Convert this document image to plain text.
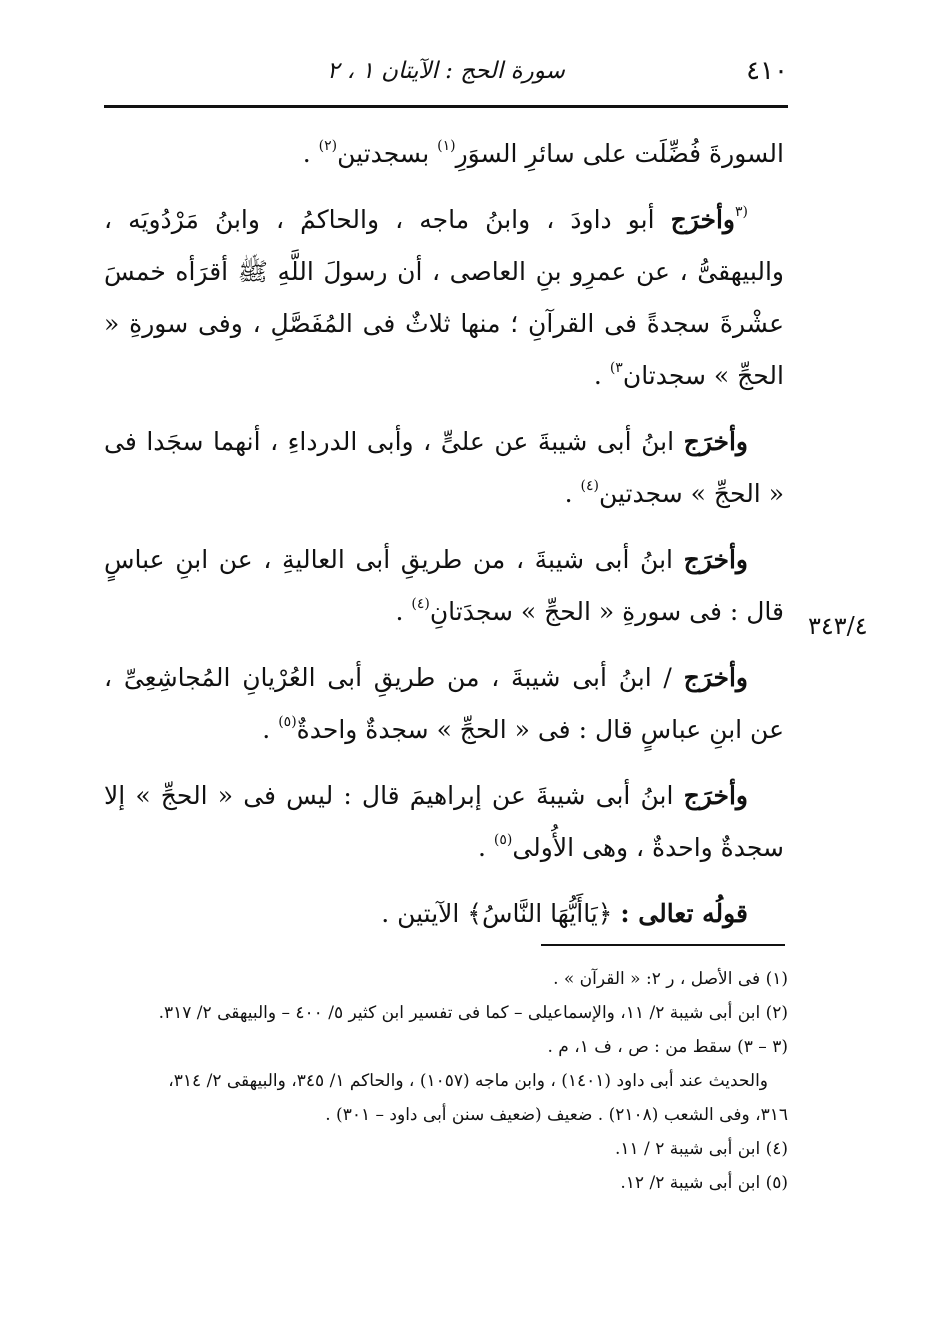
٤١٠
سورة الحج : الآيتان ١ ، ٢
٣٤٣/٤

السورةَ فُضِّلَت على سائرِ السوَرِ$^{(١)}$ بسجدتين$^{(٢)}$ .

$^{(٣}$وأخرَج أبو داودَ ، وابنُ ماجه ، والحاكمُ ، وابنُ مَرْدُويَه ، والبيهقىُّ ، عن عمرِو بنِ العاصى ، أن رسولَ اللَّهِ ﷺ أقرَأه خمسَ عشْرةَ سجدةً فى القرآنِ ؛ منها ثلاثٌ فى المُفَصَّلِ ، وفى سورةِ « الحجِّ » سجدتان$^{٣)}$ .

وأخرَج ابنُ أبى شيبةَ عن علىٍّ ، وأبى الدرداءِ ، أنهما سجَدا فى « الحجِّ » سجدتين$^{(٤)}$ .

وأخرَج ابنُ أبى شيبةَ ، من طريقِ أبى العاليةِ ، عن ابنِ عباسٍ قال : فى سورةِ « الحجِّ » سجدَتانِ$^{(٤)}$ .

وأخرَج / ابنُ أبى شيبةَ ، من طريقِ أبى العُرْيانِ المُجاشِعِىِّ ، عن ابنِ عباسٍ قال : فى « الحجِّ » سجدةٌ واحدةٌ$^{(٥)}$ .

وأخرَج ابنُ أبى شيبةَ عن إبراهيمَ قال : ليس فى « الحجِّ » إلا سجدةٌ واحدةٌ ، وهى الأُولى$^{(٥)}$ .

قولُه تعالى : ﴿يَاأَيُّهَا النَّاسُ﴾ الآيتين .

(١) فى الأصل ، ر ٢: « القرآن » .

(٢) ابن أبى شيبة ٢/ ١١، والإسماعيلى – كما فى تفسير ابن كثير ٥/ ٤٠٠ – والبيهقى ٢/ ٣١٧.

(٣ – ٣) سقط من : ص ، ف ١، م .

والحديث عند أبى داود (١٤٠١) ، وابن ماجه (١٠٥٧) ، والحاكم ١/ ٣٤٥، والبيهقى ٢/ ٣١٤،

٣١٦، وفى الشعب (٢١٠٨) . ضعيف (ضعيف سنن أبى داود – ٣٠١) .

(٤) ابن أبى شيبة ٢ / ١١.

(٥) ابن أبى شيبة ٢/ ١٢.
